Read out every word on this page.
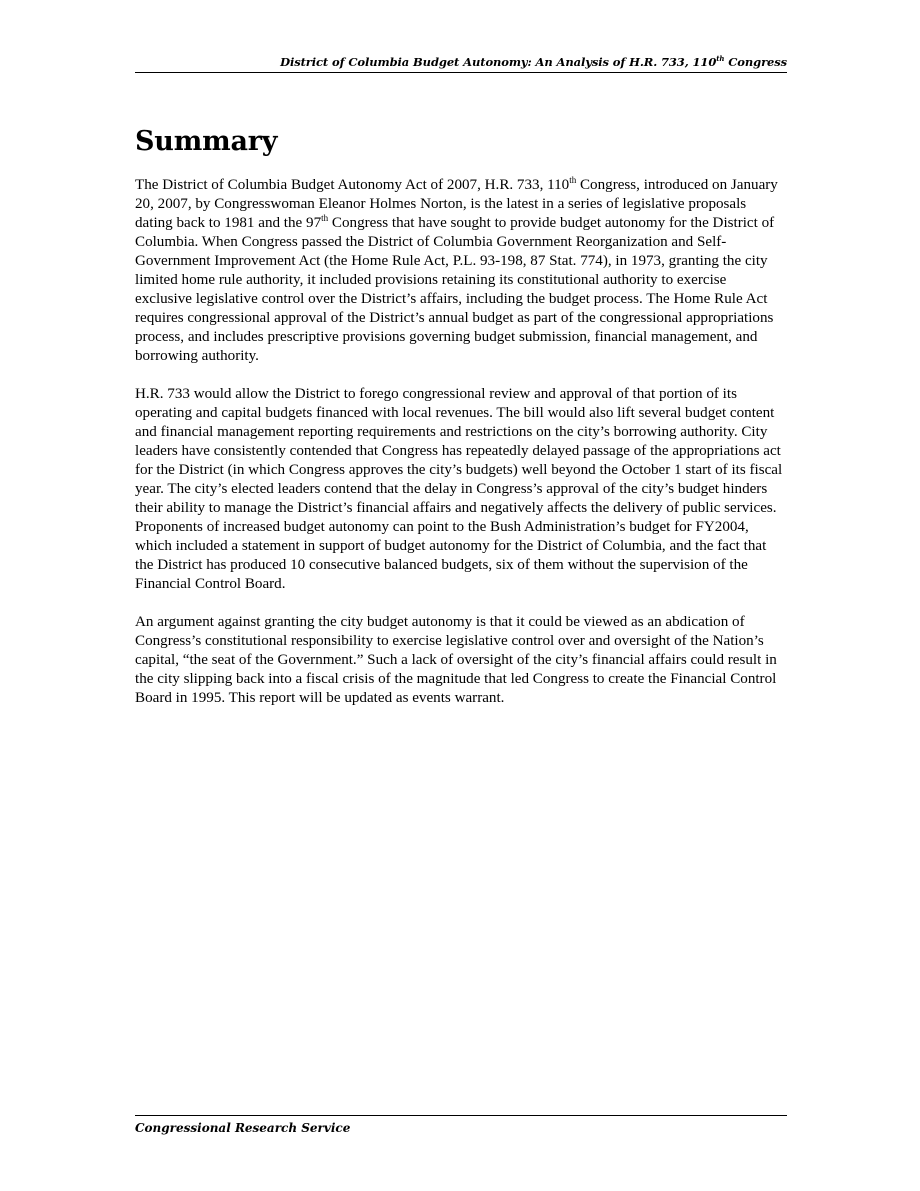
District of Columbia Budget Autonomy: An Analysis of H.R. 733, 110th Congress
Summary

The District of Columbia Budget Autonomy Act of 2007, H.R. 733, 110th Congress, introduced on January 20, 2007, by Congresswoman Eleanor Holmes Norton, is the latest in a series of legislative proposals dating back to 1981 and the 97th Congress that have sought to provide budget autonomy for the District of Columbia. When Congress passed the District of Columbia Government Reorganization and Self-Government Improvement Act (the Home Rule Act, P.L. 93-198, 87 Stat. 774), in 1973, granting the city limited home rule authority, it included provisions retaining its constitutional authority to exercise exclusive legislative control over the District’s affairs, including the budget process. The Home Rule Act requires congressional approval of the District’s annual budget as part of the congressional appropriations process, and includes prescriptive provisions governing budget submission, financial management, and borrowing authority.

H.R. 733 would allow the District to forego congressional review and approval of that portion of its operating and capital budgets financed with local revenues. The bill would also lift several budget content and financial management reporting requirements and restrictions on the city’s borrowing authority. City leaders have consistently contended that Congress has repeatedly delayed passage of the appropriations act for the District (in which Congress approves the city’s budgets) well beyond the October 1 start of its fiscal year. The city’s elected leaders contend that the delay in Congress’s approval of the city’s budget hinders their ability to manage the District’s financial affairs and negatively affects the delivery of public services. Proponents of increased budget autonomy can point to the Bush Administration’s budget for FY2004, which included a statement in support of budget autonomy for the District of Columbia, and the fact that the District has produced 10 consecutive balanced budgets, six of them without the supervision of the Financial Control Board.

An argument against granting the city budget autonomy is that it could be viewed as an abdication of Congress’s constitutional responsibility to exercise legislative control over and oversight of the Nation’s capital, “the seat of the Government.” Such a lack of oversight of the city’s financial affairs could result in the city slipping back into a fiscal crisis of the magnitude that led Congress to create the Financial Control Board in 1995. This report will be updated as events warrant.

Congressional Research Service
